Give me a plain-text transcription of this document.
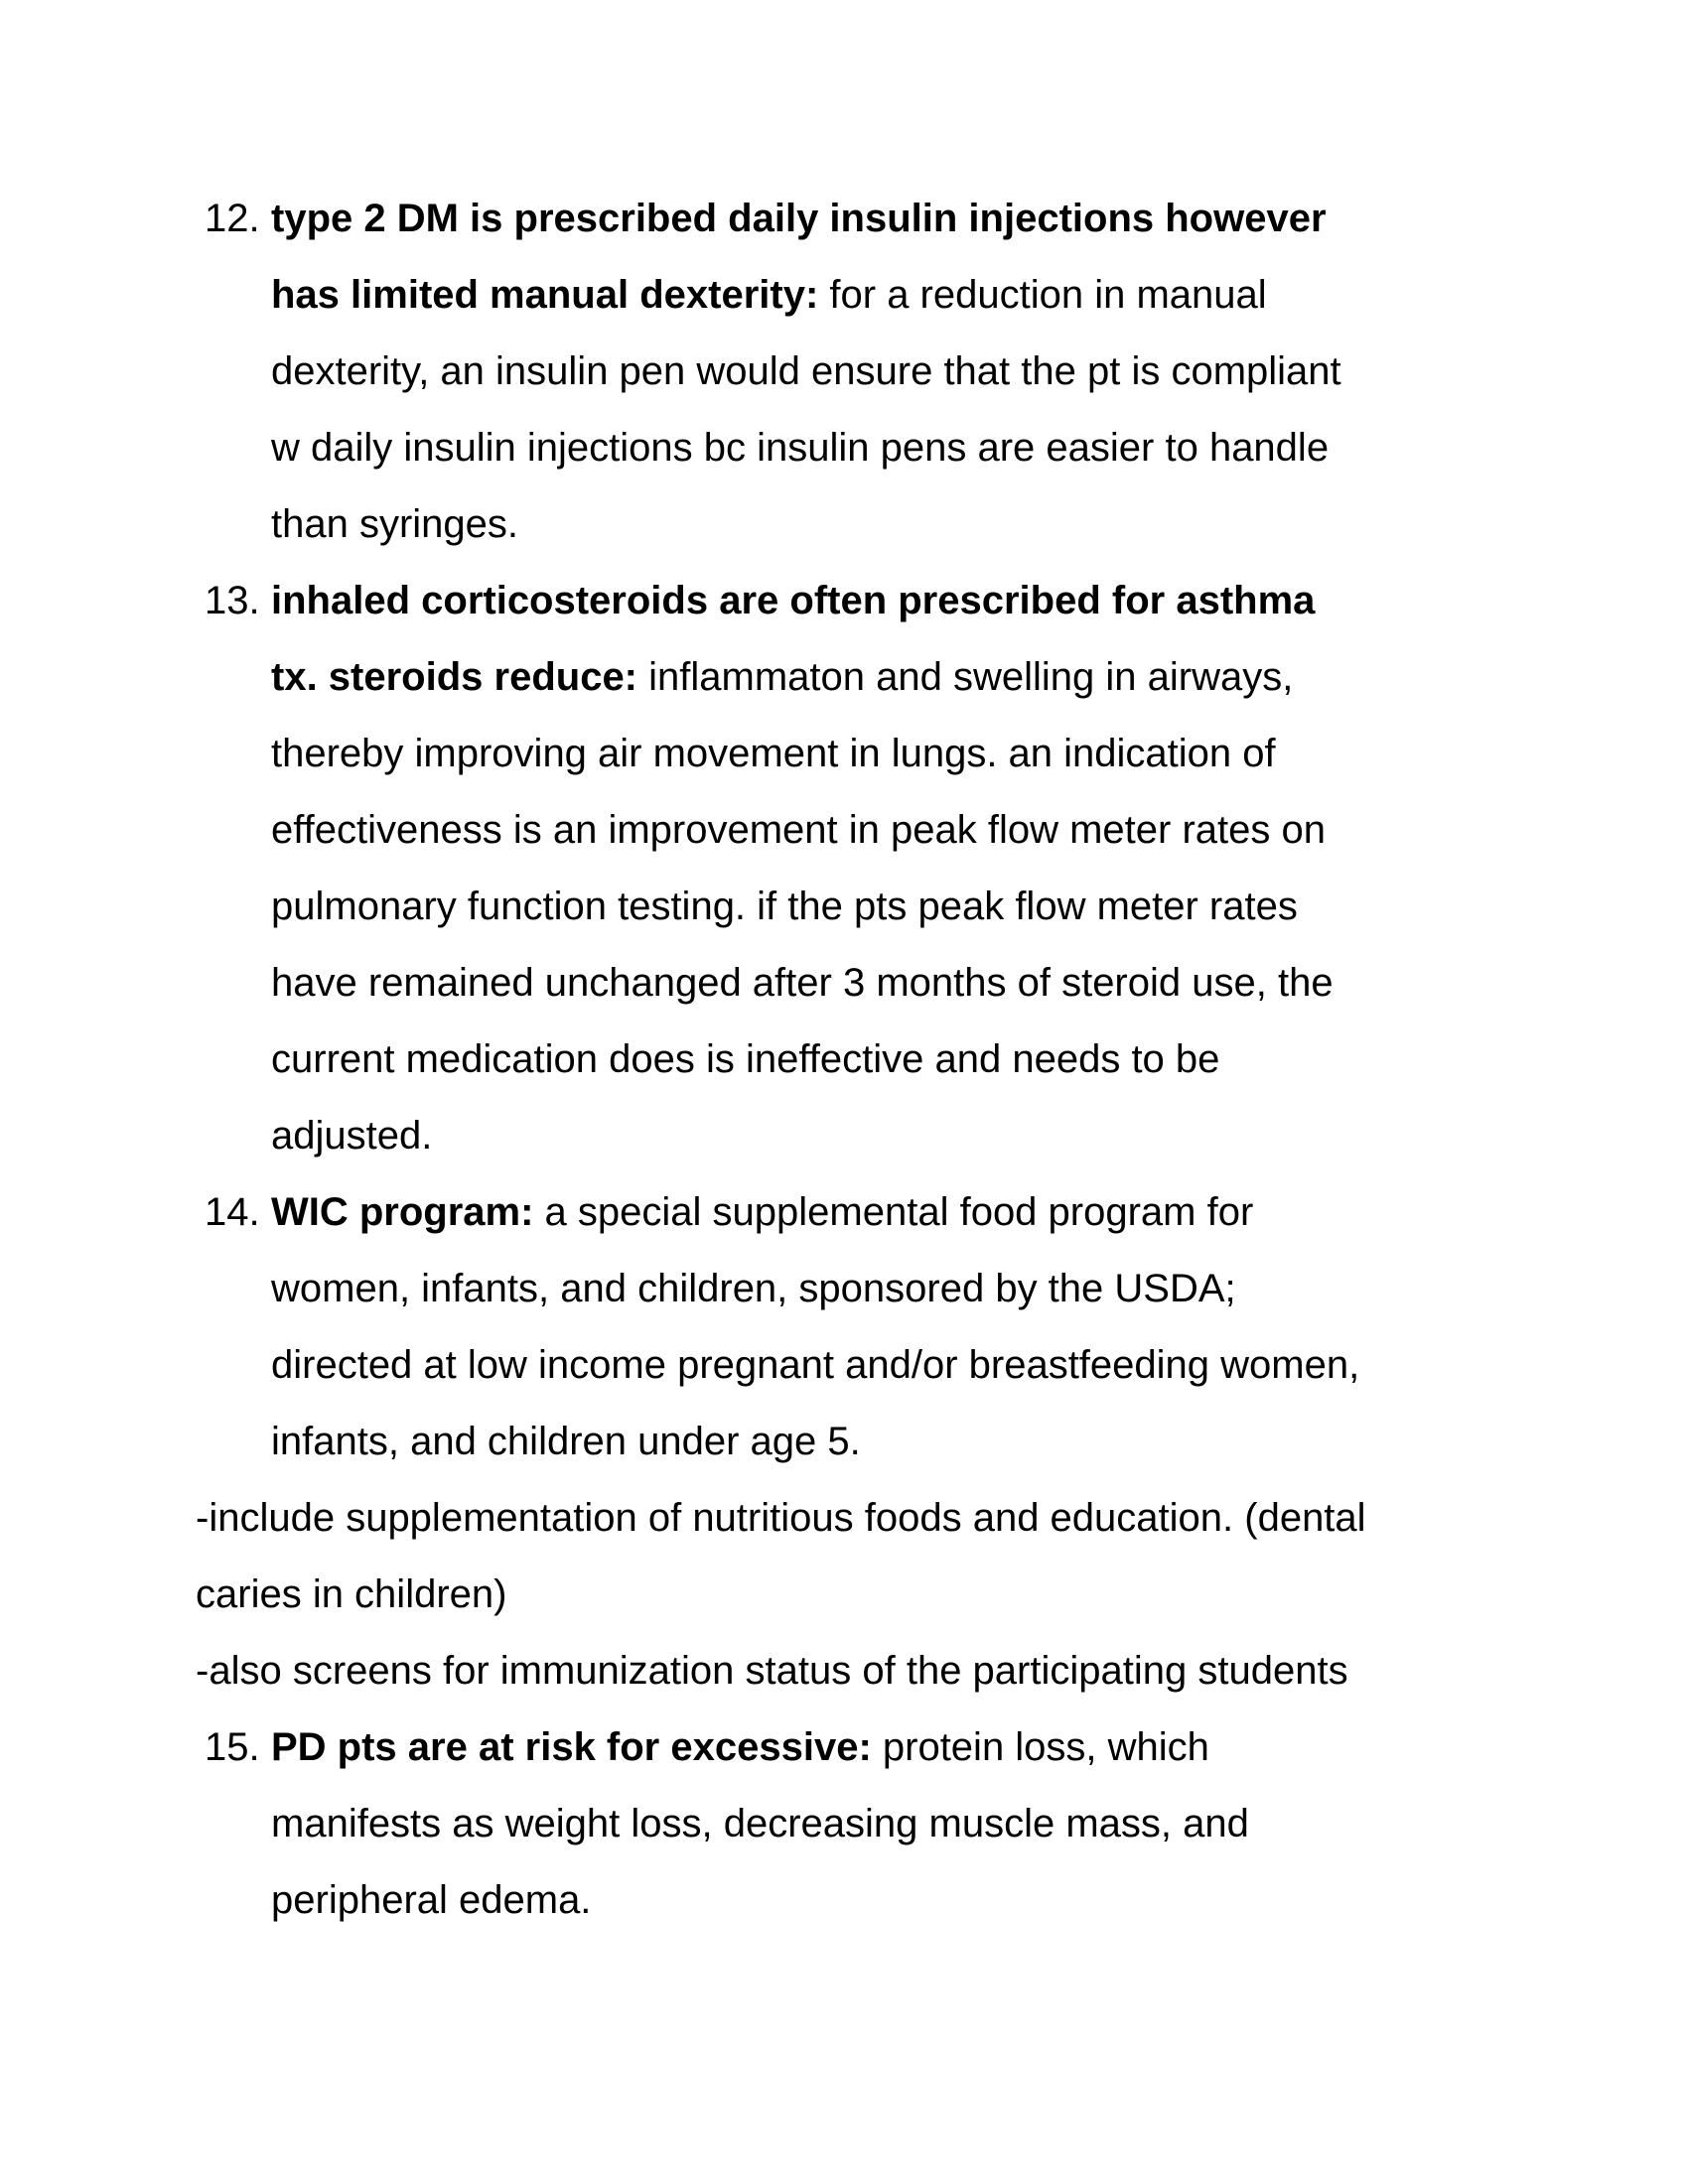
12. type 2 DM is prescribed daily insulin injections however
has limited manual dexterity: for a reduction in manual
dexterity, an insulin pen would ensure that the pt is compliant
w daily insulin injections bc insulin pens are easier to handle
than syringes.
13. inhaled corticosteroids are often prescribed for asthma
tx. steroids reduce: inflammaton and swelling in airways,
thereby improving air movement in lungs. an indication of
effectiveness is an improvement in peak flow meter rates on
pulmonary function testing. if the pts peak flow meter rates
have remained unchanged after 3 months of steroid use, the
current medication does is ineffective and needs to be
adjusted.
14. WIC program: a special supplemental food program for
women, infants, and children, sponsored by the USDA;
directed at low income pregnant and/or breastfeeding women,
infants, and children under age 5.
-include supplementation of nutritious foods and education. (dental
caries in children)
-also screens for immunization status of the participating students
15. PD pts are at risk for excessive: protein loss, which
manifests as weight loss, decreasing muscle mass, and
peripheral edema.
